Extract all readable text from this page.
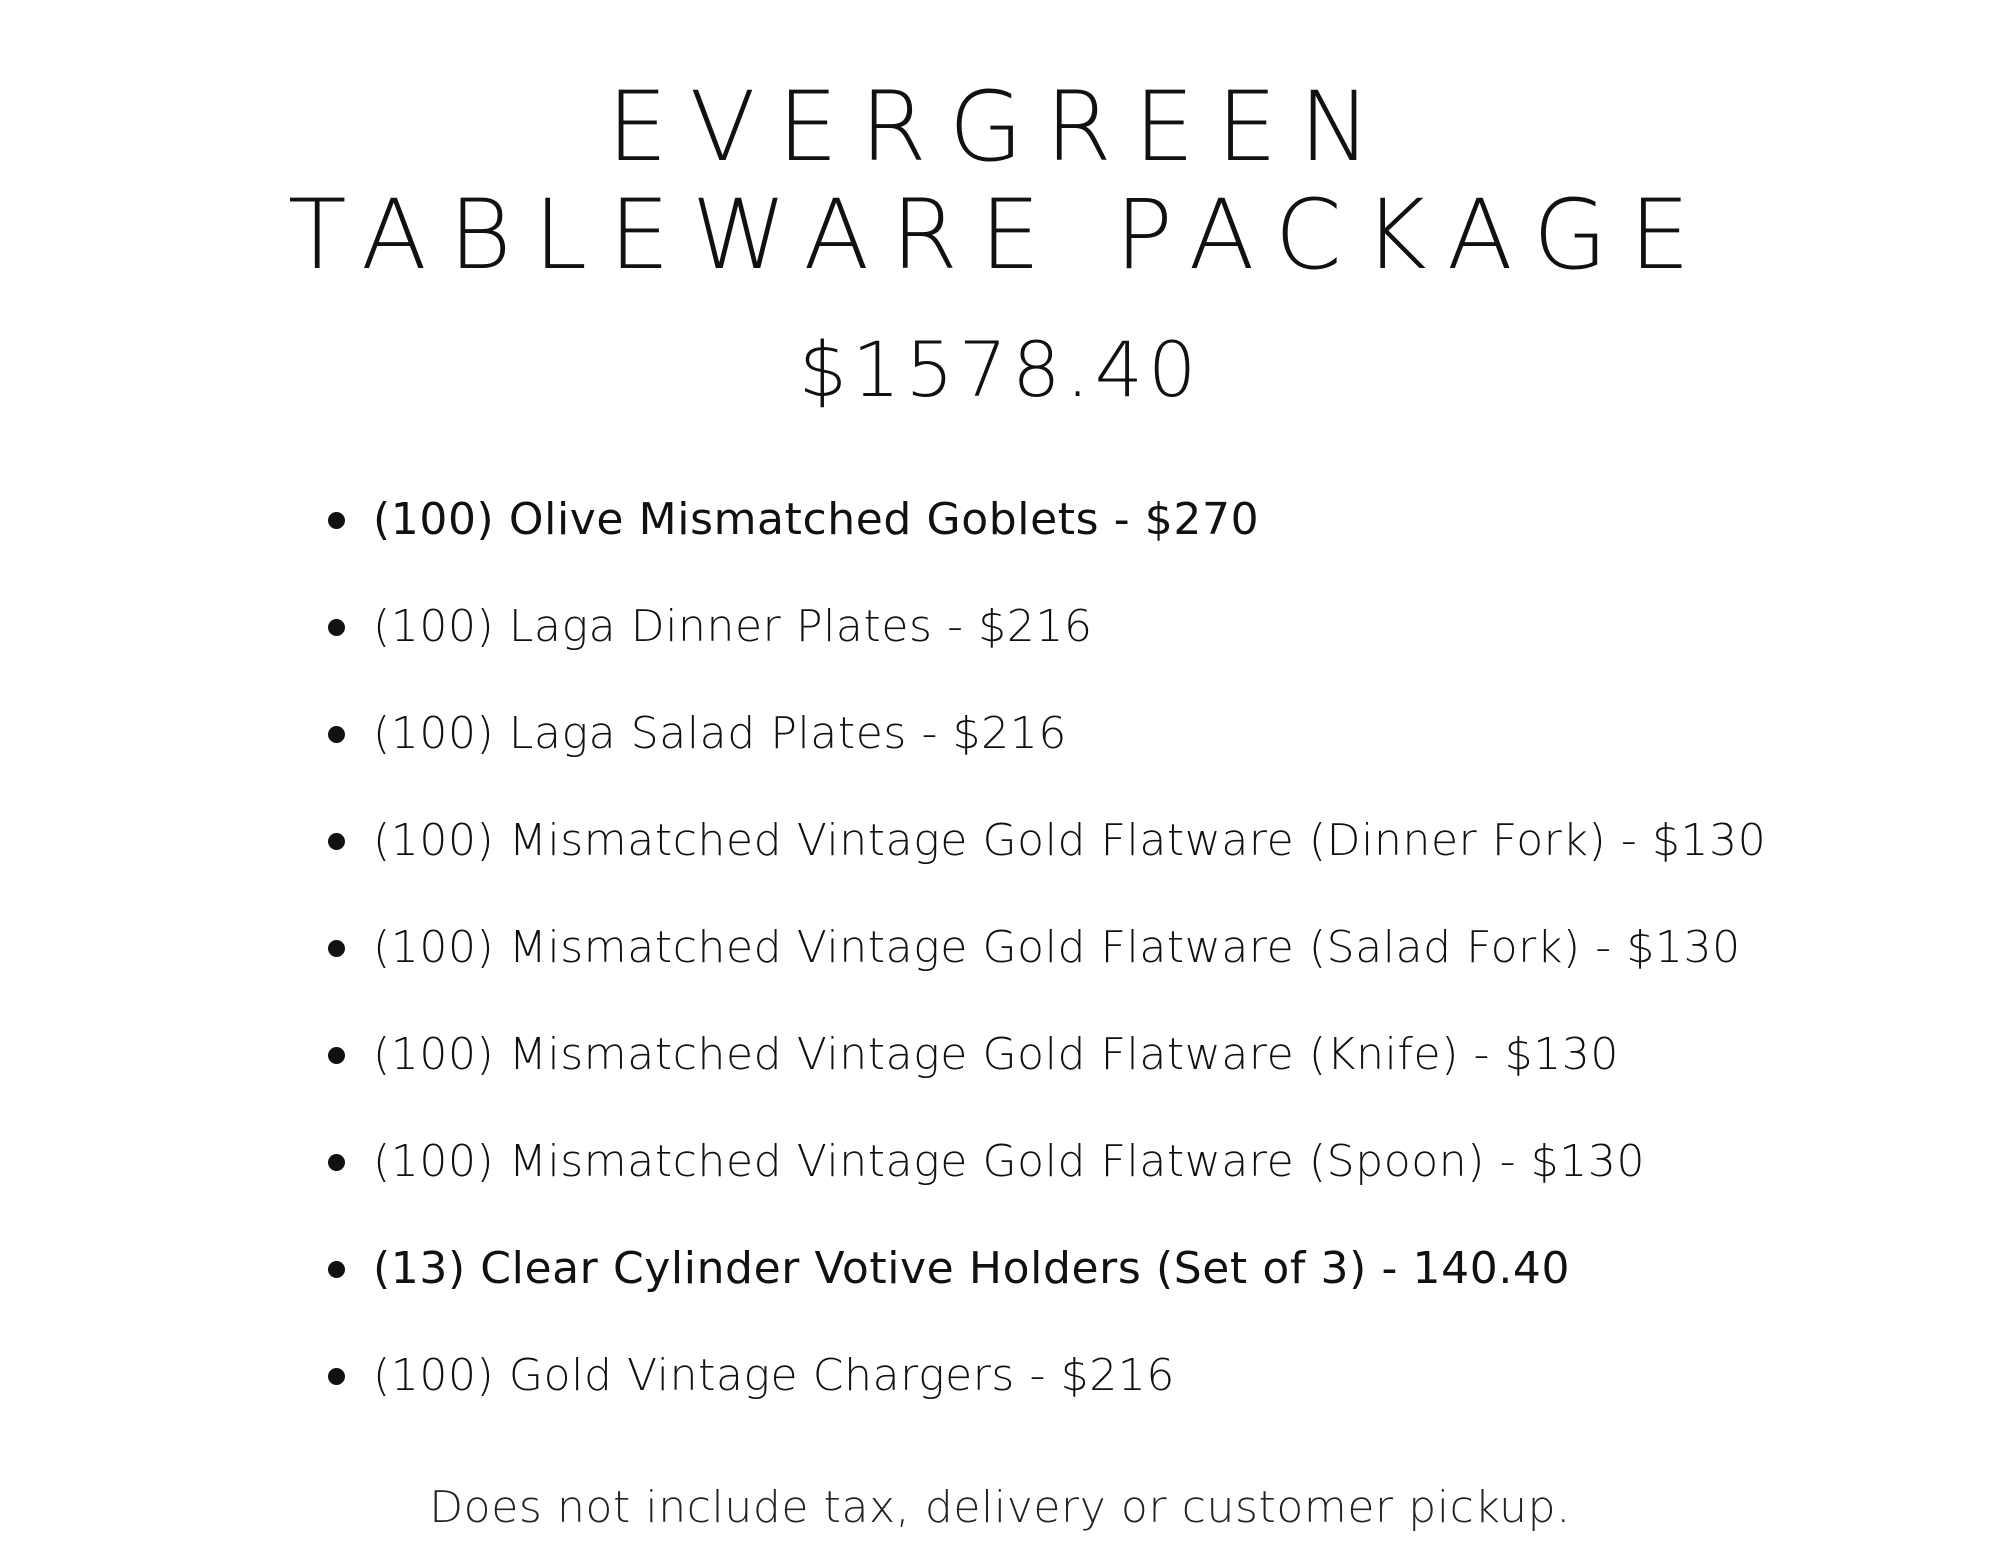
EVERGREEN
TABLEWARE PACKAGE
$1578.40
(100) Olive Mismatched Goblets - $270
(100) Laga Dinner Plates - $216
(100) Laga Salad Plates - $216
(100) Mismatched Vintage Gold Flatware (Dinner Fork) - $130
(100) Mismatched Vintage Gold Flatware (Salad Fork) - $130
(100) Mismatched Vintage Gold Flatware (Knife) - $130
(100) Mismatched Vintage Gold Flatware (Spoon) - $130
(13) Clear Cylinder Votive Holders (Set of 3) - 140.40
(100) Gold Vintage Chargers - $216
Does not include tax, delivery or customer pickup.
